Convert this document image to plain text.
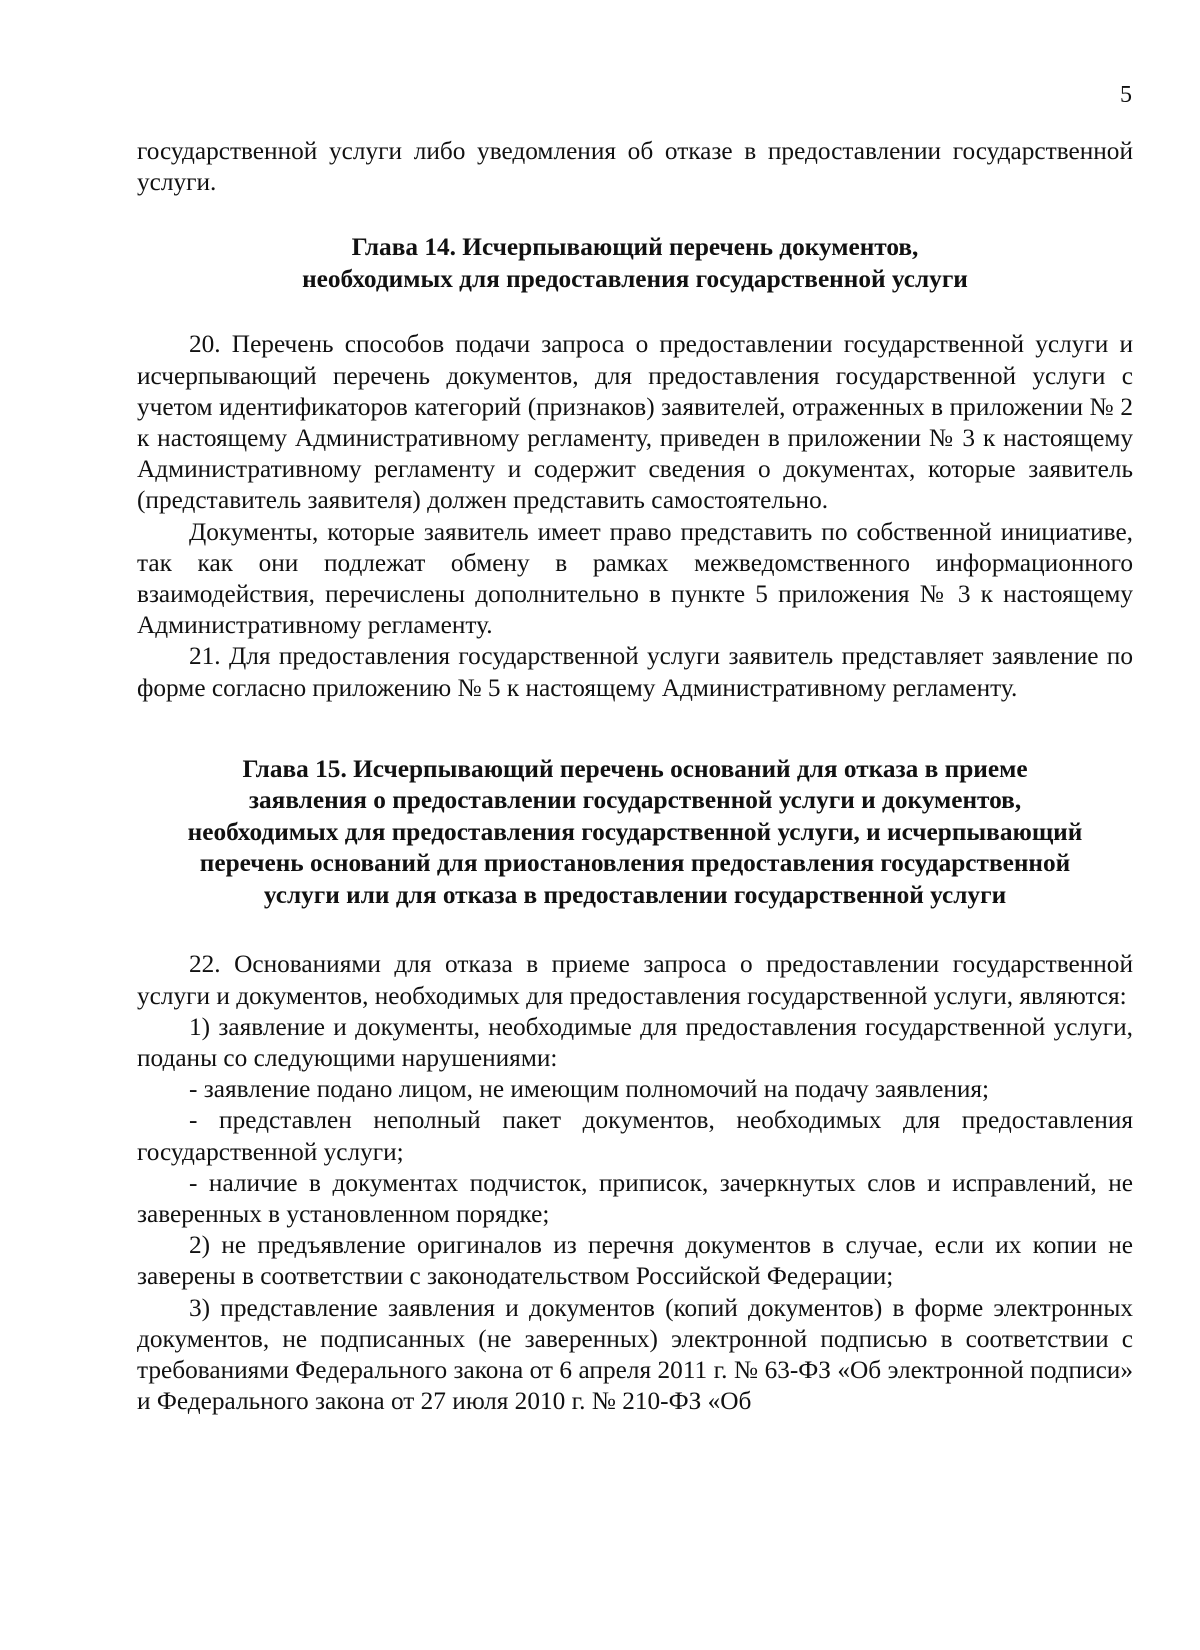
5

государственной услуги либо уведомления об отказе в предоставлении государственной услуги.

Глава 14. Исчерпывающий перечень документов,
необходимых для предоставления государственной услуги

20. Перечень способов подачи запроса о предоставлении государственной услуги и исчерпывающий перечень документов, для предоставления государственной услуги с учетом идентификаторов категорий (признаков) заявителей, отраженных в приложении № 2 к настоящему Административному регламенту, приведен в приложении № 3 к настоящему Административному регламенту и содержит сведения о документах, которые заявитель (представитель заявителя) должен представить самостоятельно.

Документы, которые заявитель имеет право представить по собственной инициативе, так как они подлежат обмену в рамках межведомственного информационного взаимодействия, перечислены дополнительно в пункте 5 приложения № 3 к настоящему Административному регламенту.

21. Для предоставления государственной услуги заявитель представляет заявление по форме согласно приложению № 5 к настоящему Административному регламенту.

Глава 15. Исчерпывающий перечень оснований для отказа в приеме
заявления о предоставлении государственной услуги и документов,
необходимых для предоставления государственной услуги, и исчерпывающий
перечень оснований для приостановления предоставления государственной
услуги или для отказа в предоставлении государственной услуги

22. Основаниями для отказа в приеме запроса о предоставлении государственной услуги и документов, необходимых для предоставления государственной услуги, являются:

1) заявление и документы, необходимые для предоставления государственной услуги, поданы со следующими нарушениями:

- заявление подано лицом, не имеющим полномочий на подачу заявления;

- представлен неполный пакет документов, необходимых для предоставления государственной услуги;

- наличие в документах подчисток, приписок, зачеркнутых слов и исправлений, не заверенных в установленном порядке;

2) не предъявление оригиналов из перечня документов в случае, если их копии не заверены в соответствии с законодательством Российской Федерации;

3) представление заявления и документов (копий документов) в форме электронных документов, не подписанных (не заверенных) электронной подписью в соответствии с требованиями Федерального закона от 6 апреля 2011 г. № 63-ФЗ «Об электронной подписи» и Федерального закона от 27 июля 2010 г. № 210-ФЗ «Об
